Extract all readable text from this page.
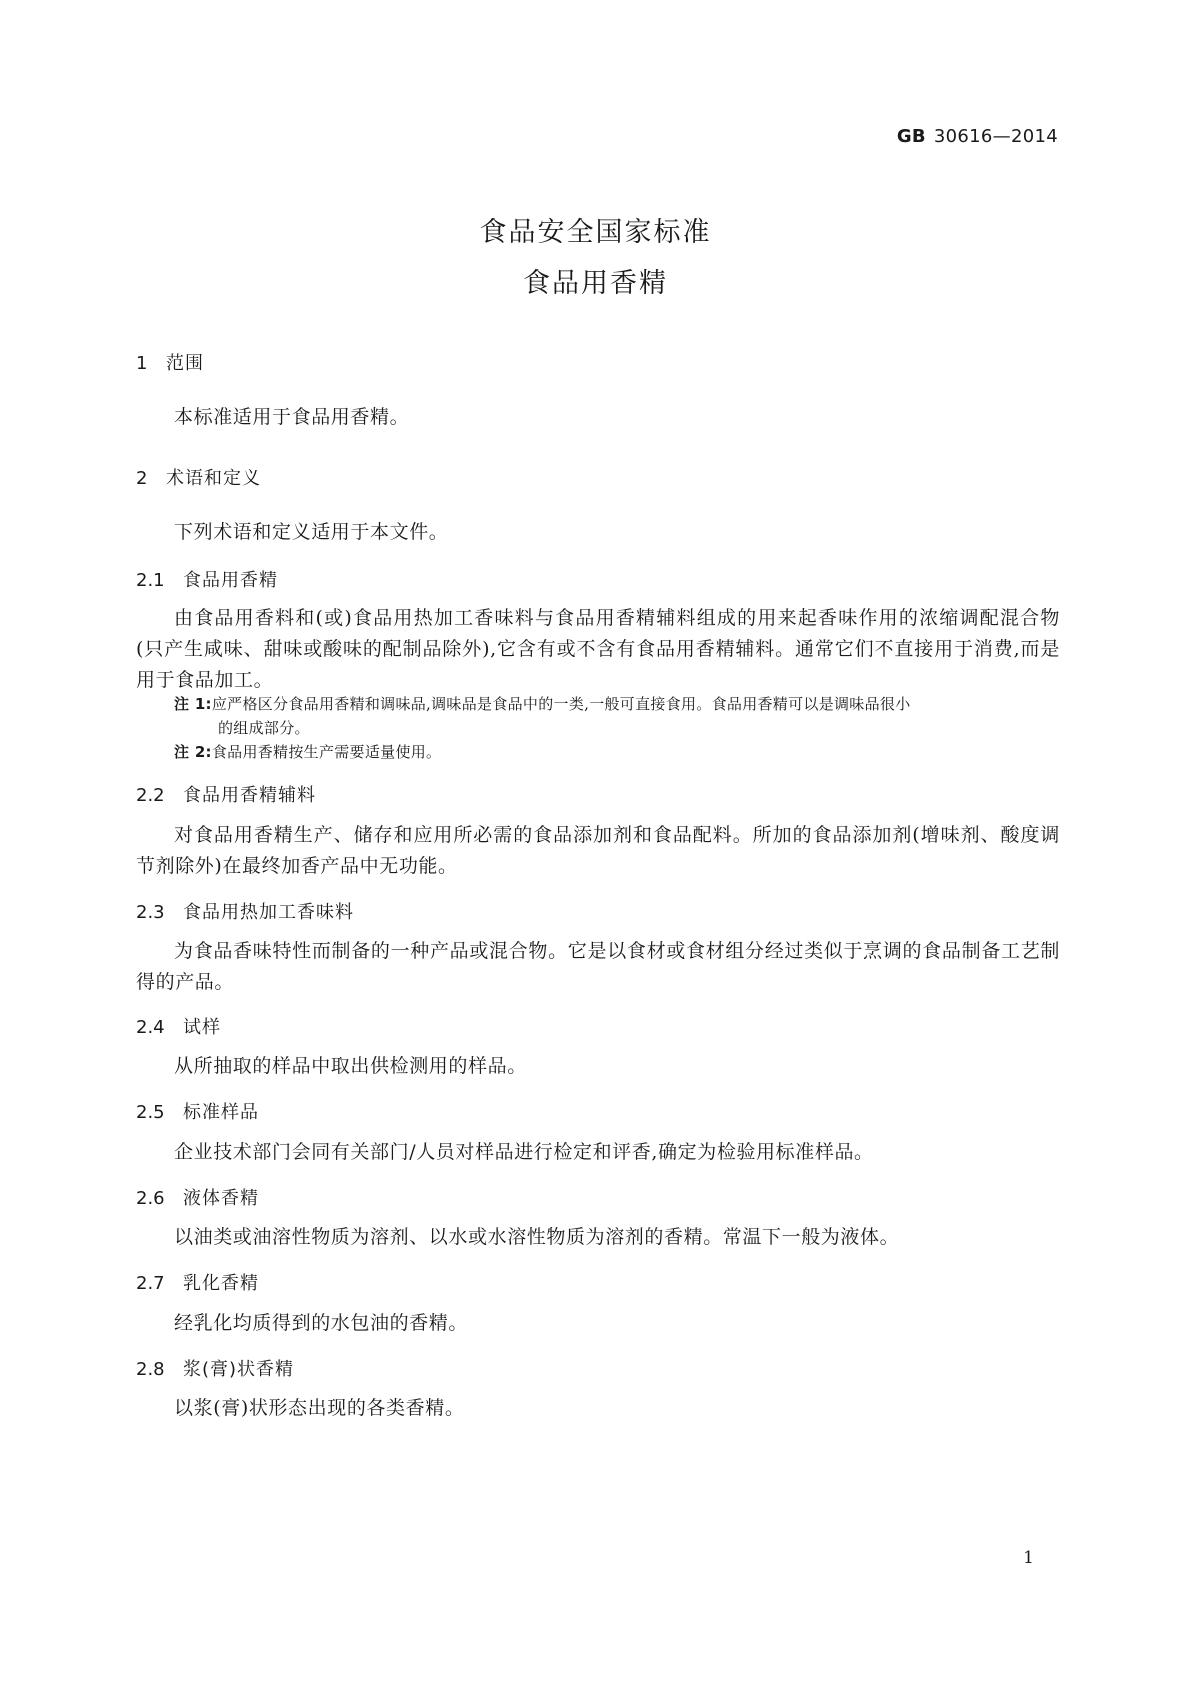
GB 30616—2014
食品安全国家标准
食品用香精
1 范围
本标准适用于食品用香精。
2 术语和定义
下列术语和定义适用于本文件。
2.1 食品用香精
由食品用香料和(或)食品用热加工香味料与食品用香精辅料组成的用来起香味作用的浓缩调配混合物(只产生咸味、甜味或酸味的配制品除外),它含有或不含有食品用香精辅料。通常它们不直接用于消费,而是用于食品加工。
注 1:应严格区分食品用香精和调味品,调味品是食品中的一类,一般可直接食用。食品用香精可以是调味品很小
的组成部分。
注 2:食品用香精按生产需要适量使用。
2.2 食品用香精辅料
对食品用香精生产、储存和应用所必需的食品添加剂和食品配料。所加的食品添加剂(增味剂、酸度调节剂除外)在最终加香产品中无功能。
2.3 食品用热加工香味料
为食品香味特性而制备的一种产品或混合物。它是以食材或食材组分经过类似于烹调的食品制备工艺制得的产品。
2.4 试样
从所抽取的样品中取出供检测用的样品。
2.5 标准样品
企业技术部门会同有关部门/人员对样品进行检定和评香,确定为检验用标准样品。
2.6 液体香精
以油类或油溶性物质为溶剂、以水或水溶性物质为溶剂的香精。常温下一般为液体。
2.7 乳化香精
经乳化均质得到的水包油的香精。
2.8 浆(膏)状香精
以浆(膏)状形态出现的各类香精。
1
